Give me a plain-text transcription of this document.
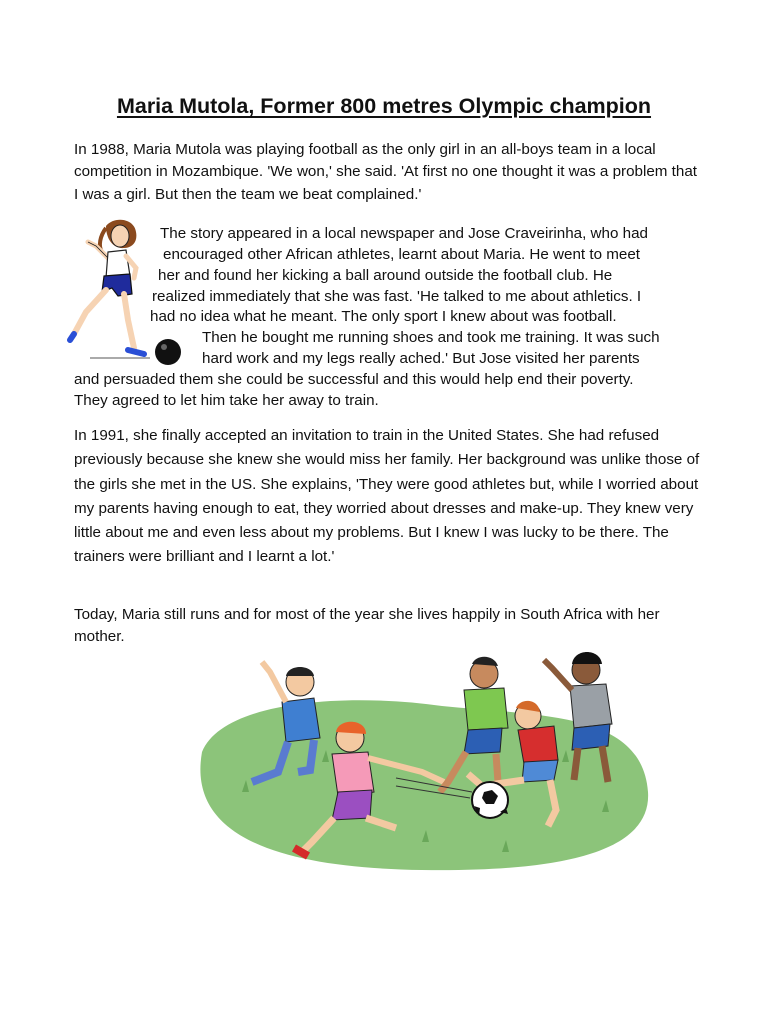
Maria Mutola, Former 800 metres Olympic champion

In 1988, Maria Mutola was playing football as the only girl in an all-boys team in a local competition in Mozambique. 'We won,' she said. 'At first no one thought it was a problem that I was a girl. But then the team we beat complained.'

The story appeared in a local newspaper and Jose Craveirinha, who had

encouraged other African athletes, learnt about Maria. He went to meet

her and found her kicking a ball around outside the football club. He

realized immediately that she was fast. 'He talked to me about athletics. I

had no idea what he meant. The only sport I knew about was football.

Then he bought me running shoes and took me training. It was such

hard work and my legs really ached.' But Jose visited her parents

and persuaded them she could be successful and this would help end their poverty.

They agreed to let him take her away to train.

In 1991, she finally accepted an invitation to train in the United States. She had refused previously because she knew she would miss her family. Her background was unlike those of the girls she met in the US. She explains, 'They were good athletes but, while I worried about my parents having enough to eat, they worried about dresses and make-up. They knew very little about me and even less about my problems. But I knew I was lucky to be there. The trainers were brilliant and I learnt a lot.'

Today, Maria still runs and for most of the year she lives happily in South Africa with her mother.
